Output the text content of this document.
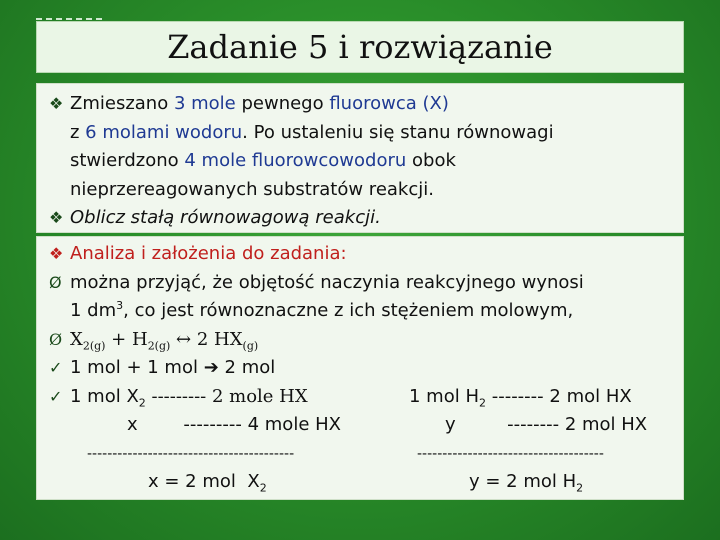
Zadanie 5 i rozwiązanie
❖ Zmieszano 3 mole pewnego fluorowca (X)
z 6 molami wodoru. Po ustaleniu się stanu równowagi
stwierdzono 4 mole fluorowcowodoru obok
nieprzereagowanych substratów reakcji.
❖ Oblicz stałą równowagową reakcji.
❖ Analiza i założenia do zadania:
Ø można przyjąć, że objętość naczynia reakcyjnego wynosi
1 $dm^3$, co jest równoznaczne z ich stężeniem molowym,
Ø $X_{2(g)} + H_{2(g)}$ ↔ 2 $HX_{(g)}$
✓ 1 mol + 1 mol ➔ 2 mol
✓ 1 mol $X_2$ --------- 2 mole HX	1 mol $H_2$ -------- 2 mol HX
x        --------- 4 mole HX	y         -------- 2 mol HX
-----------------------------------------	-------------------------------------
x = 2 mol  $X_2$	y = 2 mol $H_2$
